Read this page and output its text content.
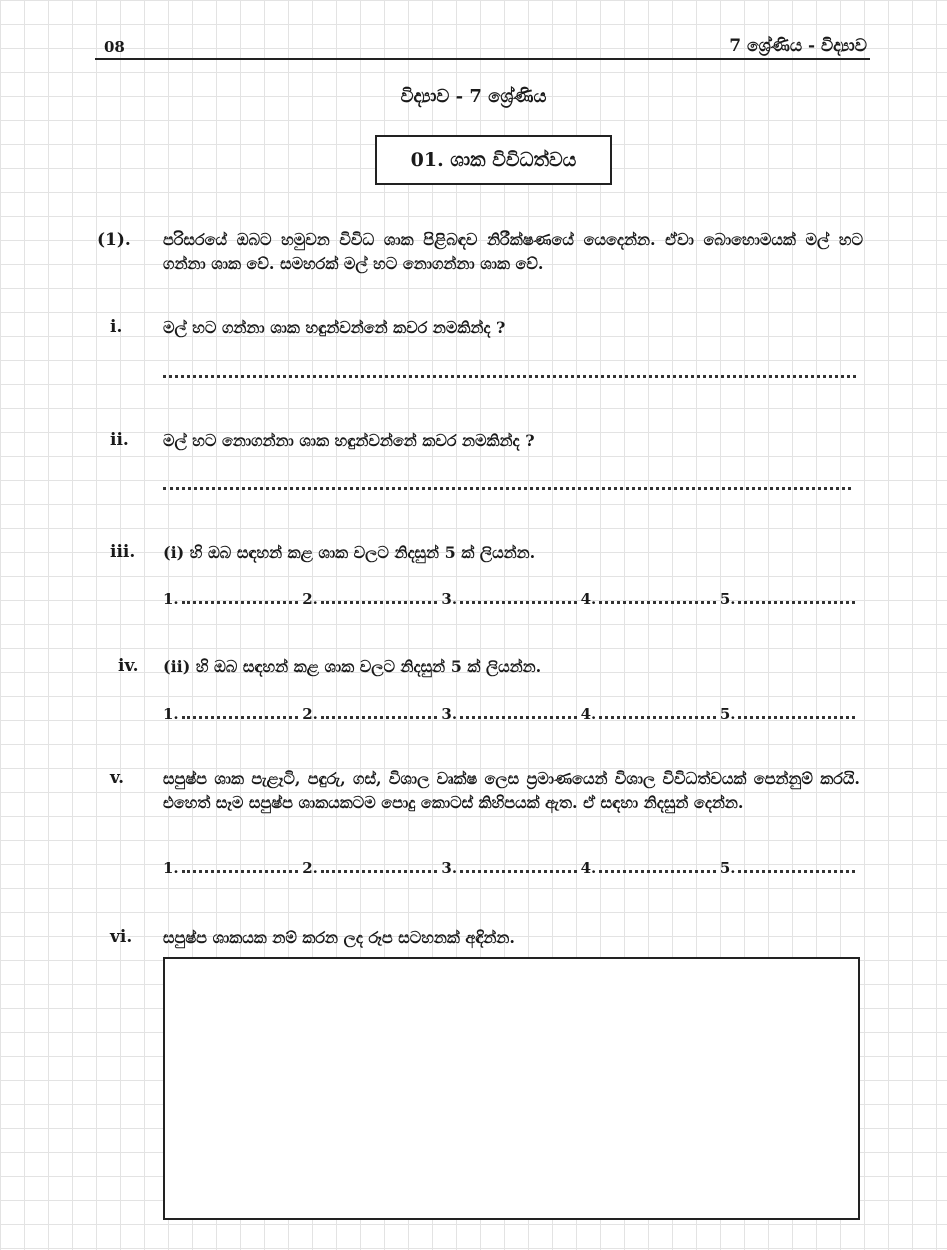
08	7 ශ්‍රේණිය - විද්‍යාව
විද්‍යාව - 7 ශ්‍රේණිය
01. ශාක විවිධත්වය
(1). පරිසරයේ ඔබට හමුවන විවිධ ශාක පිළිබඳව නිරීක්ෂණයේ යෙදෙන්න. ඒවා බොහොමයක් මල් හට ගන්නා ශාක වේ. සමහරක් මල් හට නොගන්නා ශාක වේ.
i.	මල් හට ගන්නා ශාක හඳුන්වන්නේ කවර නමකින්ද ?
ii. මල් හට නොගන්නා ශාක හඳුන්වන්නේ කවර නමකින්ද ?
iii. (i) හි ඔබ සඳහන් කළ ශාක වලට නිදසුන් 5 ක් ලියන්න.
1.	2.	3.	4.	5.
iv. (ii) හි ඔබ සඳහන් කළ ශාක වලට නිදසුන් 5 ක් ලියන්න.
1.	2.	3.	4.	5.
v. සපුෂ්ප ශාක පැළෑටි, පඳුරු, ගස්, විශාල වෘක්ෂ ලෙස ප්‍රමාණයෙන් විශාල විවිධත්වයක් පෙන්නුම් කරයි. එහෙත් සෑම සපුෂ්ප ශාකයකටම පොදු කොටස් කිහිපයක් ඇත. ඒ සඳහා නිදසුන් දෙන්න.
1.	2.	3.	4.	5.
vi. සපුෂ්ප ශාකයක නම් කරන ලද රූප සටහනක් අඳින්න.
